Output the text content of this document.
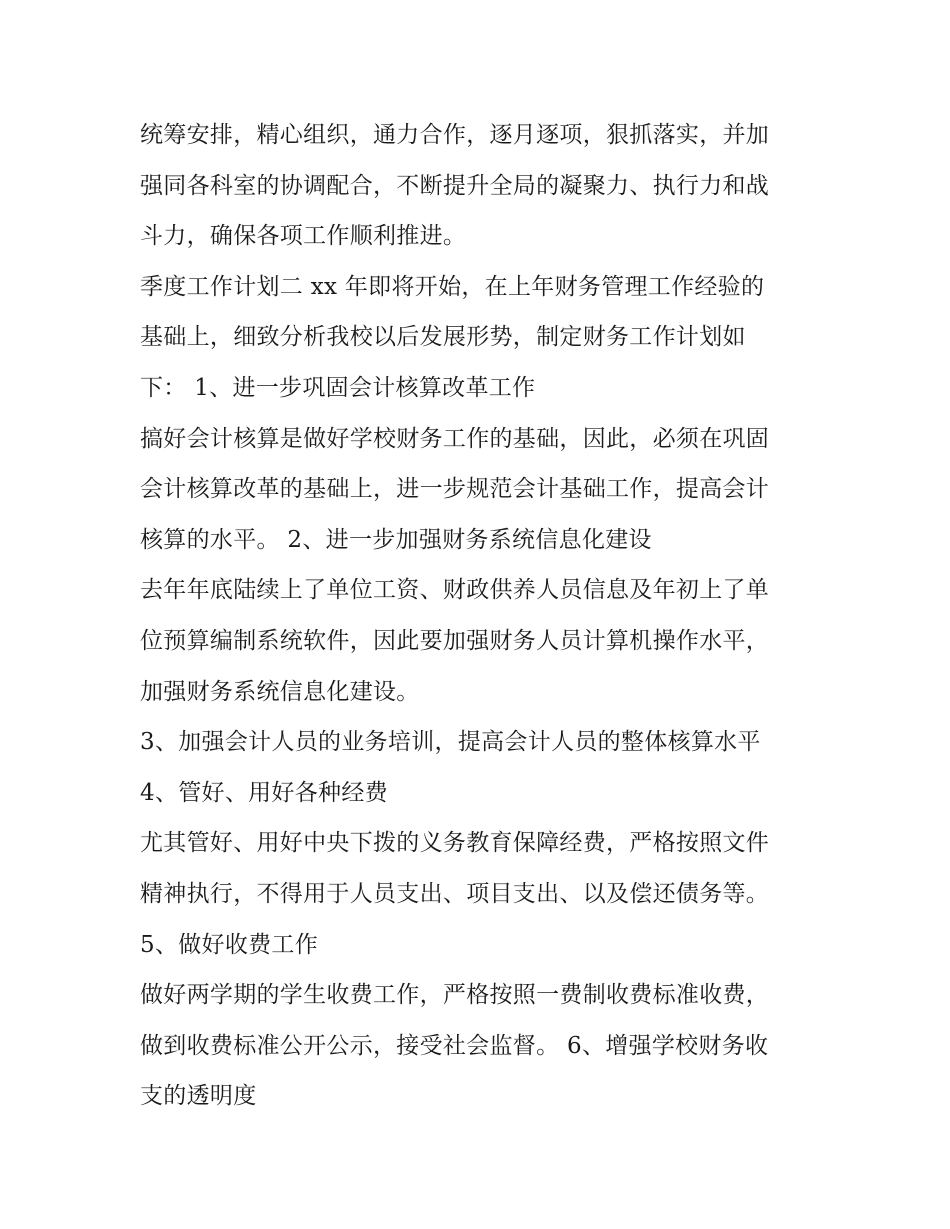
统筹安排，精心组织，通力合作，逐月逐项，狠抓落实，并加
强同各科室的协调配合，不断提升全局的凝聚力、执行力和战
斗力，确保各项工作顺利推进。
季度工作计划二 xx 年即将开始，在上年财务管理工作经验的
基础上，细致分析我校以后发展形势，制定财务工作计划如
下： 1、进一步巩固会计核算改革工作
搞好会计核算是做好学校财务工作的基础，因此，必须在巩固
会计核算改革的基础上，进一步规范会计基础工作，提高会计
核算的水平。 2、进一步加强财务系统信息化建设
去年年底陆续上了单位工资、财政供养人员信息及年初上了单
位预算编制系统软件，因此要加强财务人员计算机操作水平，
加强财务系统信息化建设。
3、加强会计人员的业务培训，提高会计人员的整体核算水平
4、管好、用好各种经费
尤其管好、用好中央下拨的义务教育保障经费，严格按照文件
精神执行，不得用于人员支出、项目支出、以及偿还债务等。
5、做好收费工作
做好两学期的学生收费工作，严格按照一费制收费标准收费，
做到收费标准公开公示，接受社会监督。 6、增强学校财务收
支的透明度
